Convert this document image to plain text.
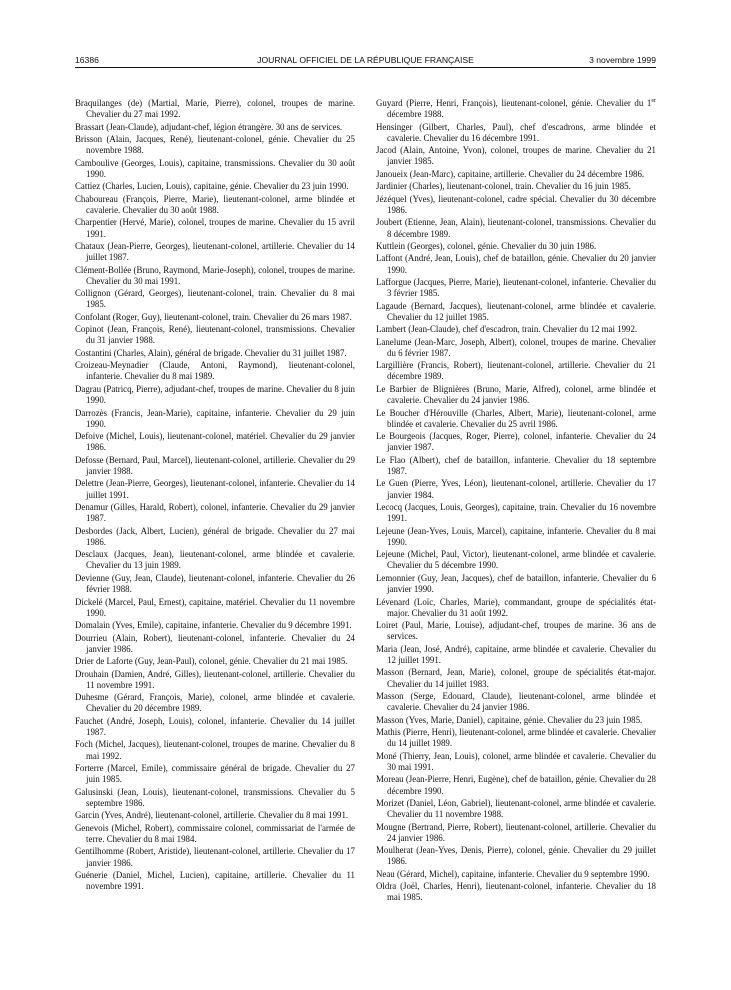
16386	JOURNAL OFFICIEL DE LA RÉPUBLIQUE FRANÇAISE	3 novembre 1999

Braquilanges (de) (Martial, Marie, Pierre), colonel, troupes de marine. Chevalier du 27 mai 1992.

Brassart (Jean-Claude), adjudant-chef, légion étrangère. 30 ans de services.

Brisson (Alain, Jacques, René), lieutenant-colonel, génie. Chevalier du 25 novembre 1988.

Camboulive (Georges, Louis), capitaine, transmissions. Chevalier du 30 août 1990.

Cattiez (Charles, Lucien, Louis), capitaine, génie. Chevalier du 23 juin 1990.

Chaboureau (François, Pierre, Marie), lieutenant-colonel, arme blindée et cavalerie. Chevalier du 30 août 1988.

Charpentier (Hervé, Marie), colonel, troupes de marine. Chevalier du 15 avril 1991.

Chataux (Jean-Pierre, Georges), lieutenant-colonel, artillerie. Chevalier du 14 juillet 1987.

Clément-Bollée (Bruno, Raymond, Marie-Joseph), colonel, troupes de marine. Chevalier du 30 mai 1991.

Collignon (Gérard, Georges), lieutenant-colonel, train. Chevalier du 8 mai 1985.

Confolant (Roger, Guy), lieutenant-colonel, train. Chevalier du 26 mars 1987.

Copinot (Jean, François, René), lieutenant-colonel, transmissions. Chevalier du 31 janvier 1988.

Costantini (Charles, Alain), général de brigade. Chevalier du 31 juillet 1987.

Croizeau-Meynadier (Claude, Antoni, Raymond), lieutenant-colonel, infanterie. Chevalier du 8 mai 1989.

Dagrau (Patricq, Pierre), adjudant-chef, troupes de marine. Chevalier du 8 juin 1990.

Darrozès (Francis, Jean-Marie), capitaine, infanterie. Chevalier du 29 juin 1990.

Defoive (Michel, Louis), lieutenant-colonel, matériel. Chevalier du 29 janvier 1986.

Defosse (Bernard, Paul, Marcel), lieutenant-colonel, artillerie. Chevalier du 29 janvier 1988.

Delettre (Jean-Pierre, Georges), lieutenant-colonel, infanterie. Chevalier du 14 juillet 1991.

Denamur (Gilles, Harald, Robert), colonel, infanterie. Chevalier du 29 janvier 1987.

Desbordes (Jack, Albert, Lucien), général de brigade. Chevalier du 27 mai 1986.

Desclaux (Jacques, Jean), lieutenant-colonel, arme blindée et cavalerie. Chevalier du 13 juin 1989.

Devienne (Guy, Jean, Claude), lieutenant-colonel, infanterie. Chevalier du 26 février 1988.

Dickelé (Marcel, Paul, Ernest), capitaine, matériel. Chevalier du 11 novembre 1990.

Domalain (Yves, Emile), capitaine, infanterie. Chevalier du 9 décembre 1991.

Dourrieu (Alain, Robert), lieutenant-colonel, infanterie. Chevalier du 24 janvier 1986.

Drier de Laforte (Guy, Jean-Paul), colonel, génie. Chevalier du 21 mai 1985.

Drouhain (Damien, André, Gilles), lieutenant-colonel, artillerie. Chevalier du 11 novembre 1991.

Duhesme (Gérard, François, Marie), colonel, arme blindée et cavalerie. Chevalier du 20 décembre 1989.

Fauchet (André, Joseph, Louis), colonel, infanterie. Chevalier du 14 juillet 1987.

Foch (Michel, Jacques), lieutenant-colonel, troupes de marine. Chevalier du 8 mai 1992.

Forterre (Marcel, Emile), commissaire général de brigade. Chevalier du 27 juin 1985.

Galusinski (Jean, Louis), lieutenant-colonel, transmissions. Chevalier du 5 septembre 1986.

Garcin (Yves, André), lieutenant-colonel, artillerie. Chevalier du 8 mai 1991.

Genevois (Michel, Robert), commissaire colonel, commissariat de l'armée de terre. Chevalier du 8 mai 1984.

Gentilhomme (Robert, Aristide), lieutenant-colonel, artillerie. Chevalier du 17 janvier 1986.

Guénerie (Daniel, Michel, Lucien), capitaine, artillerie. Chevalier du 11 novembre 1991.

Guyard (Pierre, Henri, François), lieutenant-colonel, génie. Chevalier du 1er décembre 1988.

Hensinger (Gilbert, Charles, Paul), chef d'escadrons, arme blindée et cavalerie. Chevalier du 16 décembre 1991.

Jacod (Alain, Antoine, Yvon), colonel, troupes de marine. Chevalier du 21 janvier 1985.

Janoueix (Jean-Marc), capitaine, artillerie. Chevalier du 24 décembre 1986.

Jardinier (Charles), lieutenant-colonel, train. Chevalier du 16 juin 1985.

Jézéquel (Yves), lieutenant-colonel, cadre spécial. Chevalier du 30 décembre 1986.

Joubert (Etienne, Jean, Alain), lieutenant-colonel, transmissions. Chevalier du 8 décembre 1989.

Kuttlein (Georges), colonel, génie. Chevalier du 30 juin 1986.

Laffont (André, Jean, Louis), chef de bataillon, génie. Chevalier du 20 janvier 1990.

Lafforgue (Jacques, Pierre, Marie), lieutenant-colonel, infanterie. Chevalier du 3 février 1985.

Lagaude (Bernard, Jacques), lieutenant-colonel, arme blindée et cavalerie. Chevalier du 12 juillet 1985.

Lambert (Jean-Claude), chef d'escadron, train. Chevalier du 12 mai 1992.

Lanelume (Jean-Marc, Joseph, Albert), colonel, troupes de marine. Chevalier du 6 février 1987.

Largillière (Francis, Robert), lieutenant-colonel, artillerie. Chevalier du 21 décembre 1989.

Le Barbier de Blignières (Bruno, Marie, Alfred), colonel, arme blindée et cavalerie. Chevalier du 24 janvier 1986.

Le Boucher d'Hérouville (Charles, Albert, Marie), lieutenant-colonel, arme blindée et cavalerie. Chevalier du 25 avril 1986.

Le Bourgeois (Jacques, Roger, Pierre), colonel, infanterie. Chevalier du 24 janvier 1987.

Le Flao (Albert), chef de bataillon, infanterie. Chevalier du 18 septembre 1987.

Le Guen (Pierre, Yves, Léon), lieutenant-colonel, artillerie. Chevalier du 17 janvier 1984.

Lecocq (Jacques, Louis, Georges), capitaine, train. Chevalier du 16 novembre 1991.

Lejeune (Jean-Yves, Louis, Marcel), capitaine, infanterie. Chevalier du 8 mai 1990.

Lejeune (Michel, Paul, Victor), lieutenant-colonel, arme blindée et cavalerie. Chevalier du 5 décembre 1990.

Lemonnier (Guy, Jean, Jacques), chef de bataillon, infanterie. Chevalier du 6 janvier 1990.

Lévenard (Loïc, Charles, Marie), commandant, groupe de spécialités état-major. Chevalier du 31 août 1992.

Loiret (Paul, Marie, Louise), adjudant-chef, troupes de marine. 36 ans de services.

Maria (Jean, José, André), capitaine, arme blindée et cavalerie. Chevalier du 12 juillet 1991.

Masson (Bernard, Jean, Marie), colonel, groupe de spécialités état-major. Chevalier du 14 juillet 1983.

Masson (Serge, Edouard, Claude), lieutenant-colonel, arme blindée et cavalerie. Chevalier du 24 janvier 1986.

Masson (Yves, Marie, Daniel), capitaine, génie. Chevalier du 23 juin 1985.

Mathis (Pierre, Henri), lieutenant-colonel, arme blindée et cavalerie. Chevalier du 14 juillet 1989.

Moné (Thierry, Jean, Louis), colonel, arme blindée et cavalerie. Chevalier du 30 mai 1991.

Moreau (Jean-Pierre, Henri, Eugène), chef de bataillon, génie. Chevalier du 28 décembre 1990.

Morizet (Daniel, Léon, Gabriel), lieutenant-colonel, arme blindée et cavalerie. Chevalier du 11 novembre 1988.

Mougne (Bertrand, Pierre, Robert), lieutenant-colonel, artillerie. Chevalier du 24 janvier 1986.

Moulherat (Jean-Yves, Denis, Pierre), colonel, génie. Chevalier du 29 juillet 1986.

Neau (Gérard, Michel), capitaine, infanterie. Chevalier du 9 septembre 1990.

Oldra (Joël, Charles, Henri), lieutenant-colonel, infanterie. Chevalier du 18 mai 1985.
